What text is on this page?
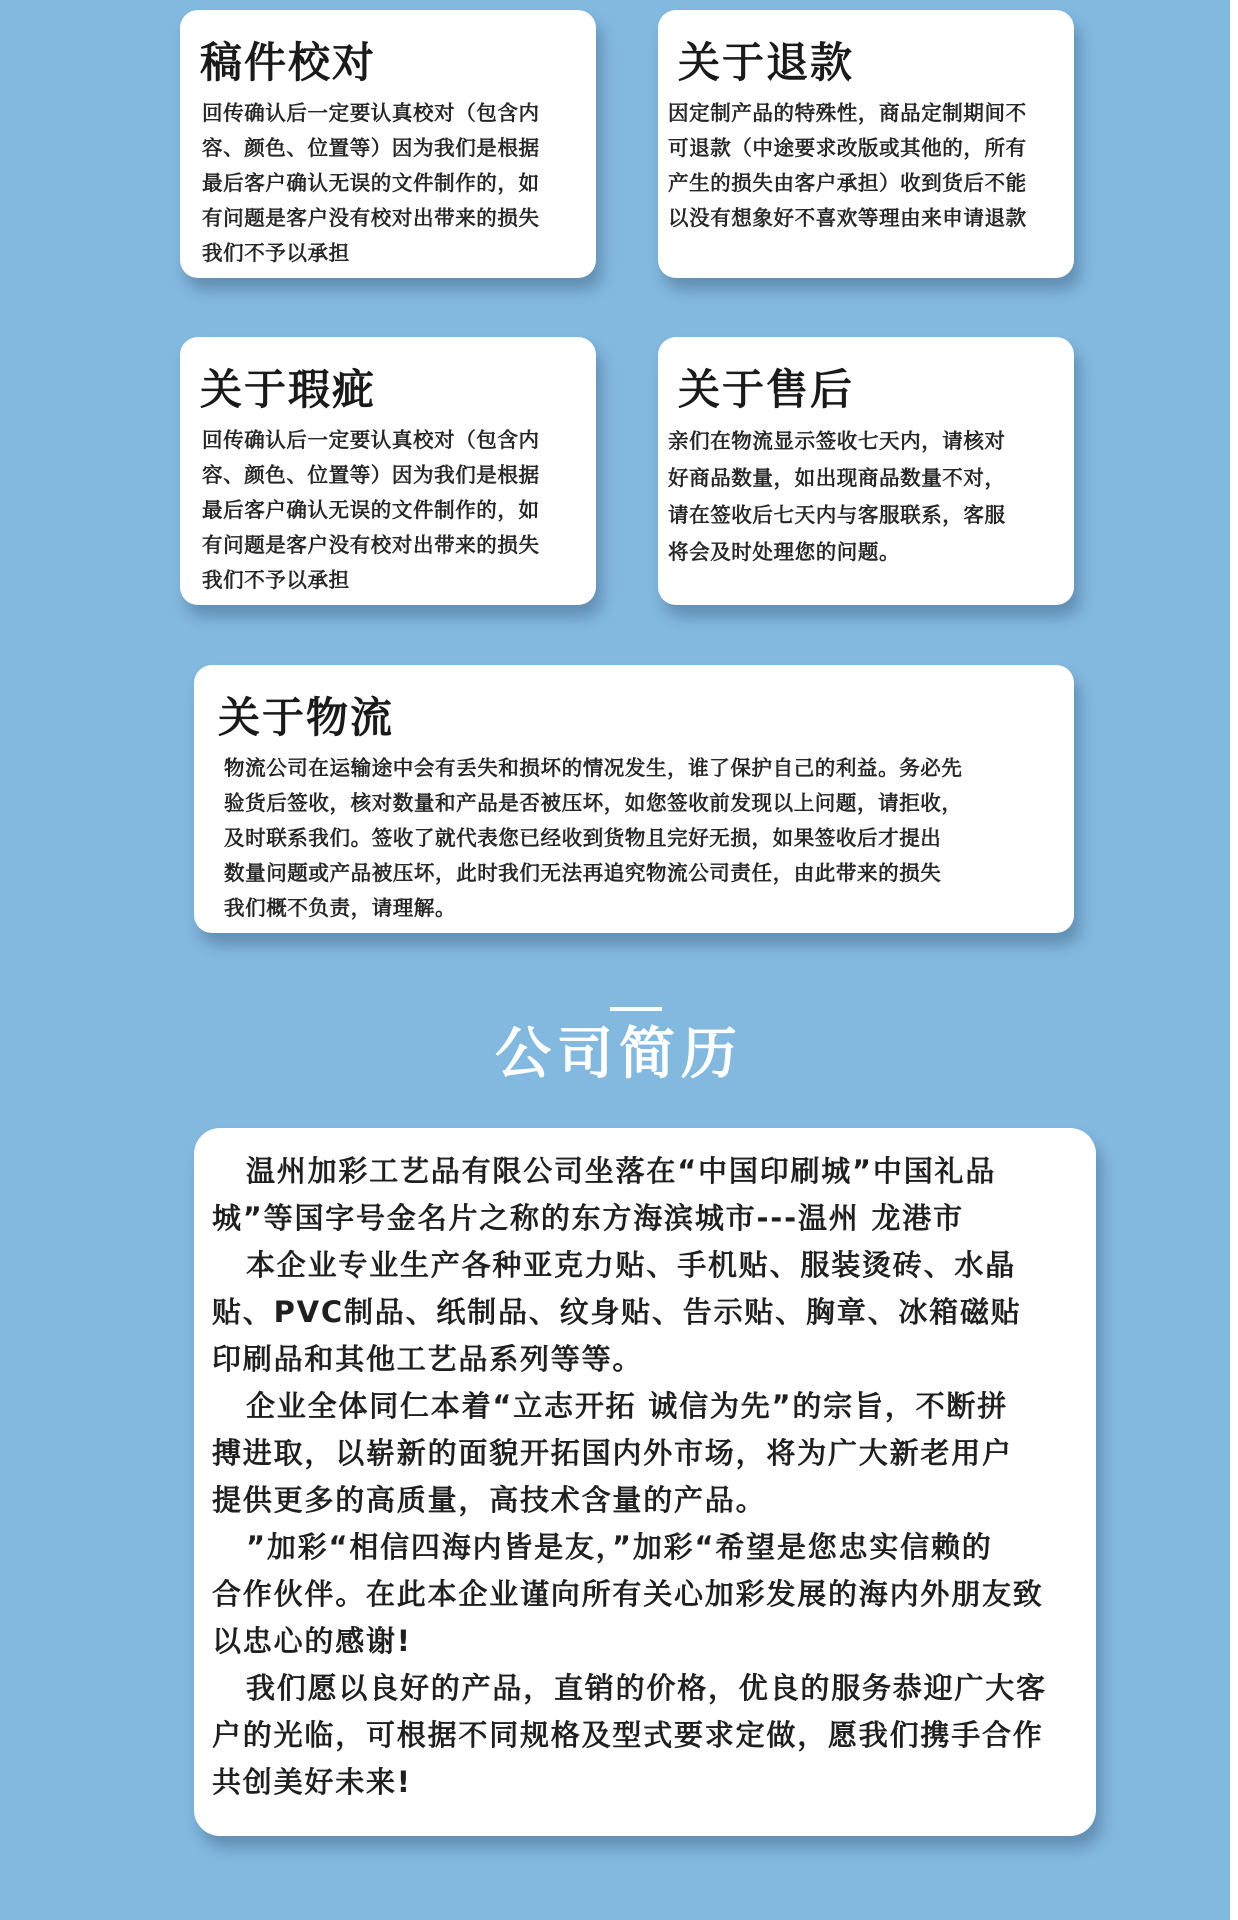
稿件校对
回传确认后一定要认真校对（包含内
容、颜色、位置等）因为我们是根据
最后客户确认无误的文件制作的，如
有问题是客户没有校对出带来的损失
我们不予以承担
关于退款
因定制产品的特殊性，商品定制期间不
可退款（中途要求改版或其他的，所有
产生的损失由客户承担）收到货后不能
以没有想象好不喜欢等理由来申请退款
关于瑕疵
回传确认后一定要认真校对（包含内
容、颜色、位置等）因为我们是根据
最后客户确认无误的文件制作的，如
有问题是客户没有校对出带来的损失
我们不予以承担
关于售后
亲们在物流显示签收七天内，请核对
好商品数量，如出现商品数量不对，
请在签收后七天内与客服联系，客服
将会及时处理您的问题。
关于物流
物流公司在运输途中会有丢失和损坏的情况发生，谁了保护自己的利益。务必先
验货后签收，核对数量和产品是否被压坏，如您签收前发现以上问题，请拒收，
及时联系我们。签收了就代表您已经收到货物且完好无损，如果签收后才提出
数量问题或产品被压坏，此时我们无法再追究物流公司责任，由此带来的损失
我们概不负责，请理解。
公司简历
温州加彩工艺品有限公司坐落在“中国印刷城”中国礼品
城”等国字号金名片之称的东方海滨城市---温州 龙港市
本企业专业生产各种亚克力贴、手机贴、服装烫砖、水晶
贴、PVC制品、纸制品、纹身贴、告示贴、胸章、冰箱磁贴
印刷品和其他工艺品系列等等。
企业全体同仁本着“立志开拓 诚信为先”的宗旨，不断拼
搏进取，以崭新的面貌开拓国内外市场，将为广大新老用户
提供更多的高质量，高技术含量的产品。
”加彩“相信四海内皆是友，”加彩“希望是您忠实信赖的
合作伙伴。在此本企业谨向所有关心加彩发展的海内外朋友致
以忠心的感谢!
我们愿以良好的产品，直销的价格，优良的服务恭迎广大客
户的光临，可根据不同规格及型式要求定做，愿我们携手合作
共创美好未来!
